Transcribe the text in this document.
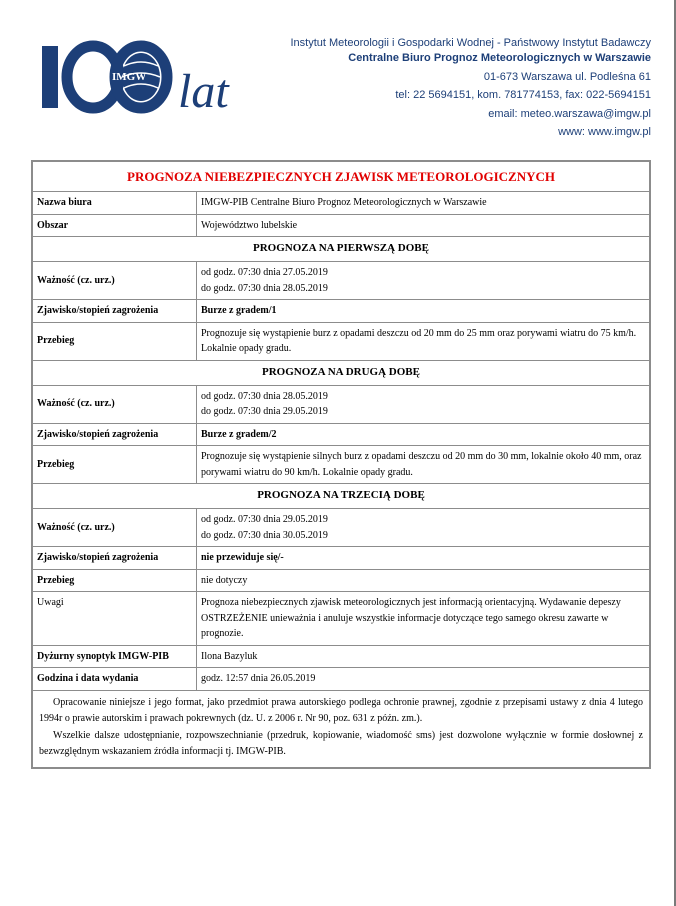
IMGW lat
Instytut Meteorologii i Gospodarki Wodnej - Państwowy Instytut Badawczy
Centralne Biuro Prognoz Meteorologicznych w Warszawie
01-673 Warszawa ul. Podleśna 61
tel: 22 5694151, kom. 781774153, fax: 022-5694151
email: meteo.warszawa@imgw.pl
www: www.imgw.pl
PROGNOZA NIEBEZPIECZNYCH ZJAWISK METEOROLOGICZNYCH	
Nazwa biura	IMGW-PIB Centralne Biuro Prognoz Meteorologicznych w Warszawie
Obszar	Województwo lubelskie
PROGNOZA NA PIERWSZĄ DOBĘ	
Ważność (cz. urz.)	od godz. 07:30 dnia 27.05.2019
do godz. 07:30 dnia 28.05.2019

Zjawisko/stopień zagrożenia	Burze z gradem/1
Przebieg	Prognozuje się wystąpienie burz z opadami deszczu od 20 mm do 25 mm oraz porywami wiatru do 75 km/h. Lokalnie opady gradu.
PROGNOZA NA DRUGĄ DOBĘ	
Ważność (cz. urz.)	od godz. 07:30 dnia 28.05.2019
do godz. 07:30 dnia 29.05.2019

Zjawisko/stopień zagrożenia	Burze z gradem/2
Przebieg	Prognozuje się wystąpienie silnych burz z opadami deszczu od 20 mm do 30 mm, lokalnie około 40 mm, oraz porywami wiatru do 90 km/h. Lokalnie opady gradu.
PROGNOZA NA TRZECIĄ DOBĘ	
Ważność (cz. urz.)	od godz. 07:30 dnia 29.05.2019
do godz. 07:30 dnia 30.05.2019

Zjawisko/stopień zagrożenia	nie przewiduje się/-
Przebieg	nie dotyczy
Uwagi	Prognoza niebezpiecznych zjawisk meteorologicznych jest informacją orientacyjną. Wydawanie depeszy OSTRZEŻENIE unieważnia i anuluje wszystkie informacje dotyczące tego samego okresu zawarte w prognozie.
Dyżurny synoptyk IMGW-PIB	Ilona Bazyluk
Godzina i data wydania	godz. 12:57 dnia 26.05.2019

Opracowanie niniejsze i jego format, jako przedmiot prawa autorskiego podlega ochronie prawnej, zgodnie z przepisami ustawy z dnia 4 lutego 1994r o prawie autorskim i prawach pokrewnych (dz. U. z 2006 r. Nr 90, poz. 631 z późn. zm.).

Wszelkie dalsze udostępnianie, rozpowszechnianie (przedruk, kopiowanie, wiadomość sms) jest dozwolone wyłącznie w formie dosłownej z bezwzględnym wskazaniem źródła informacji tj. IMGW-PIB.	
